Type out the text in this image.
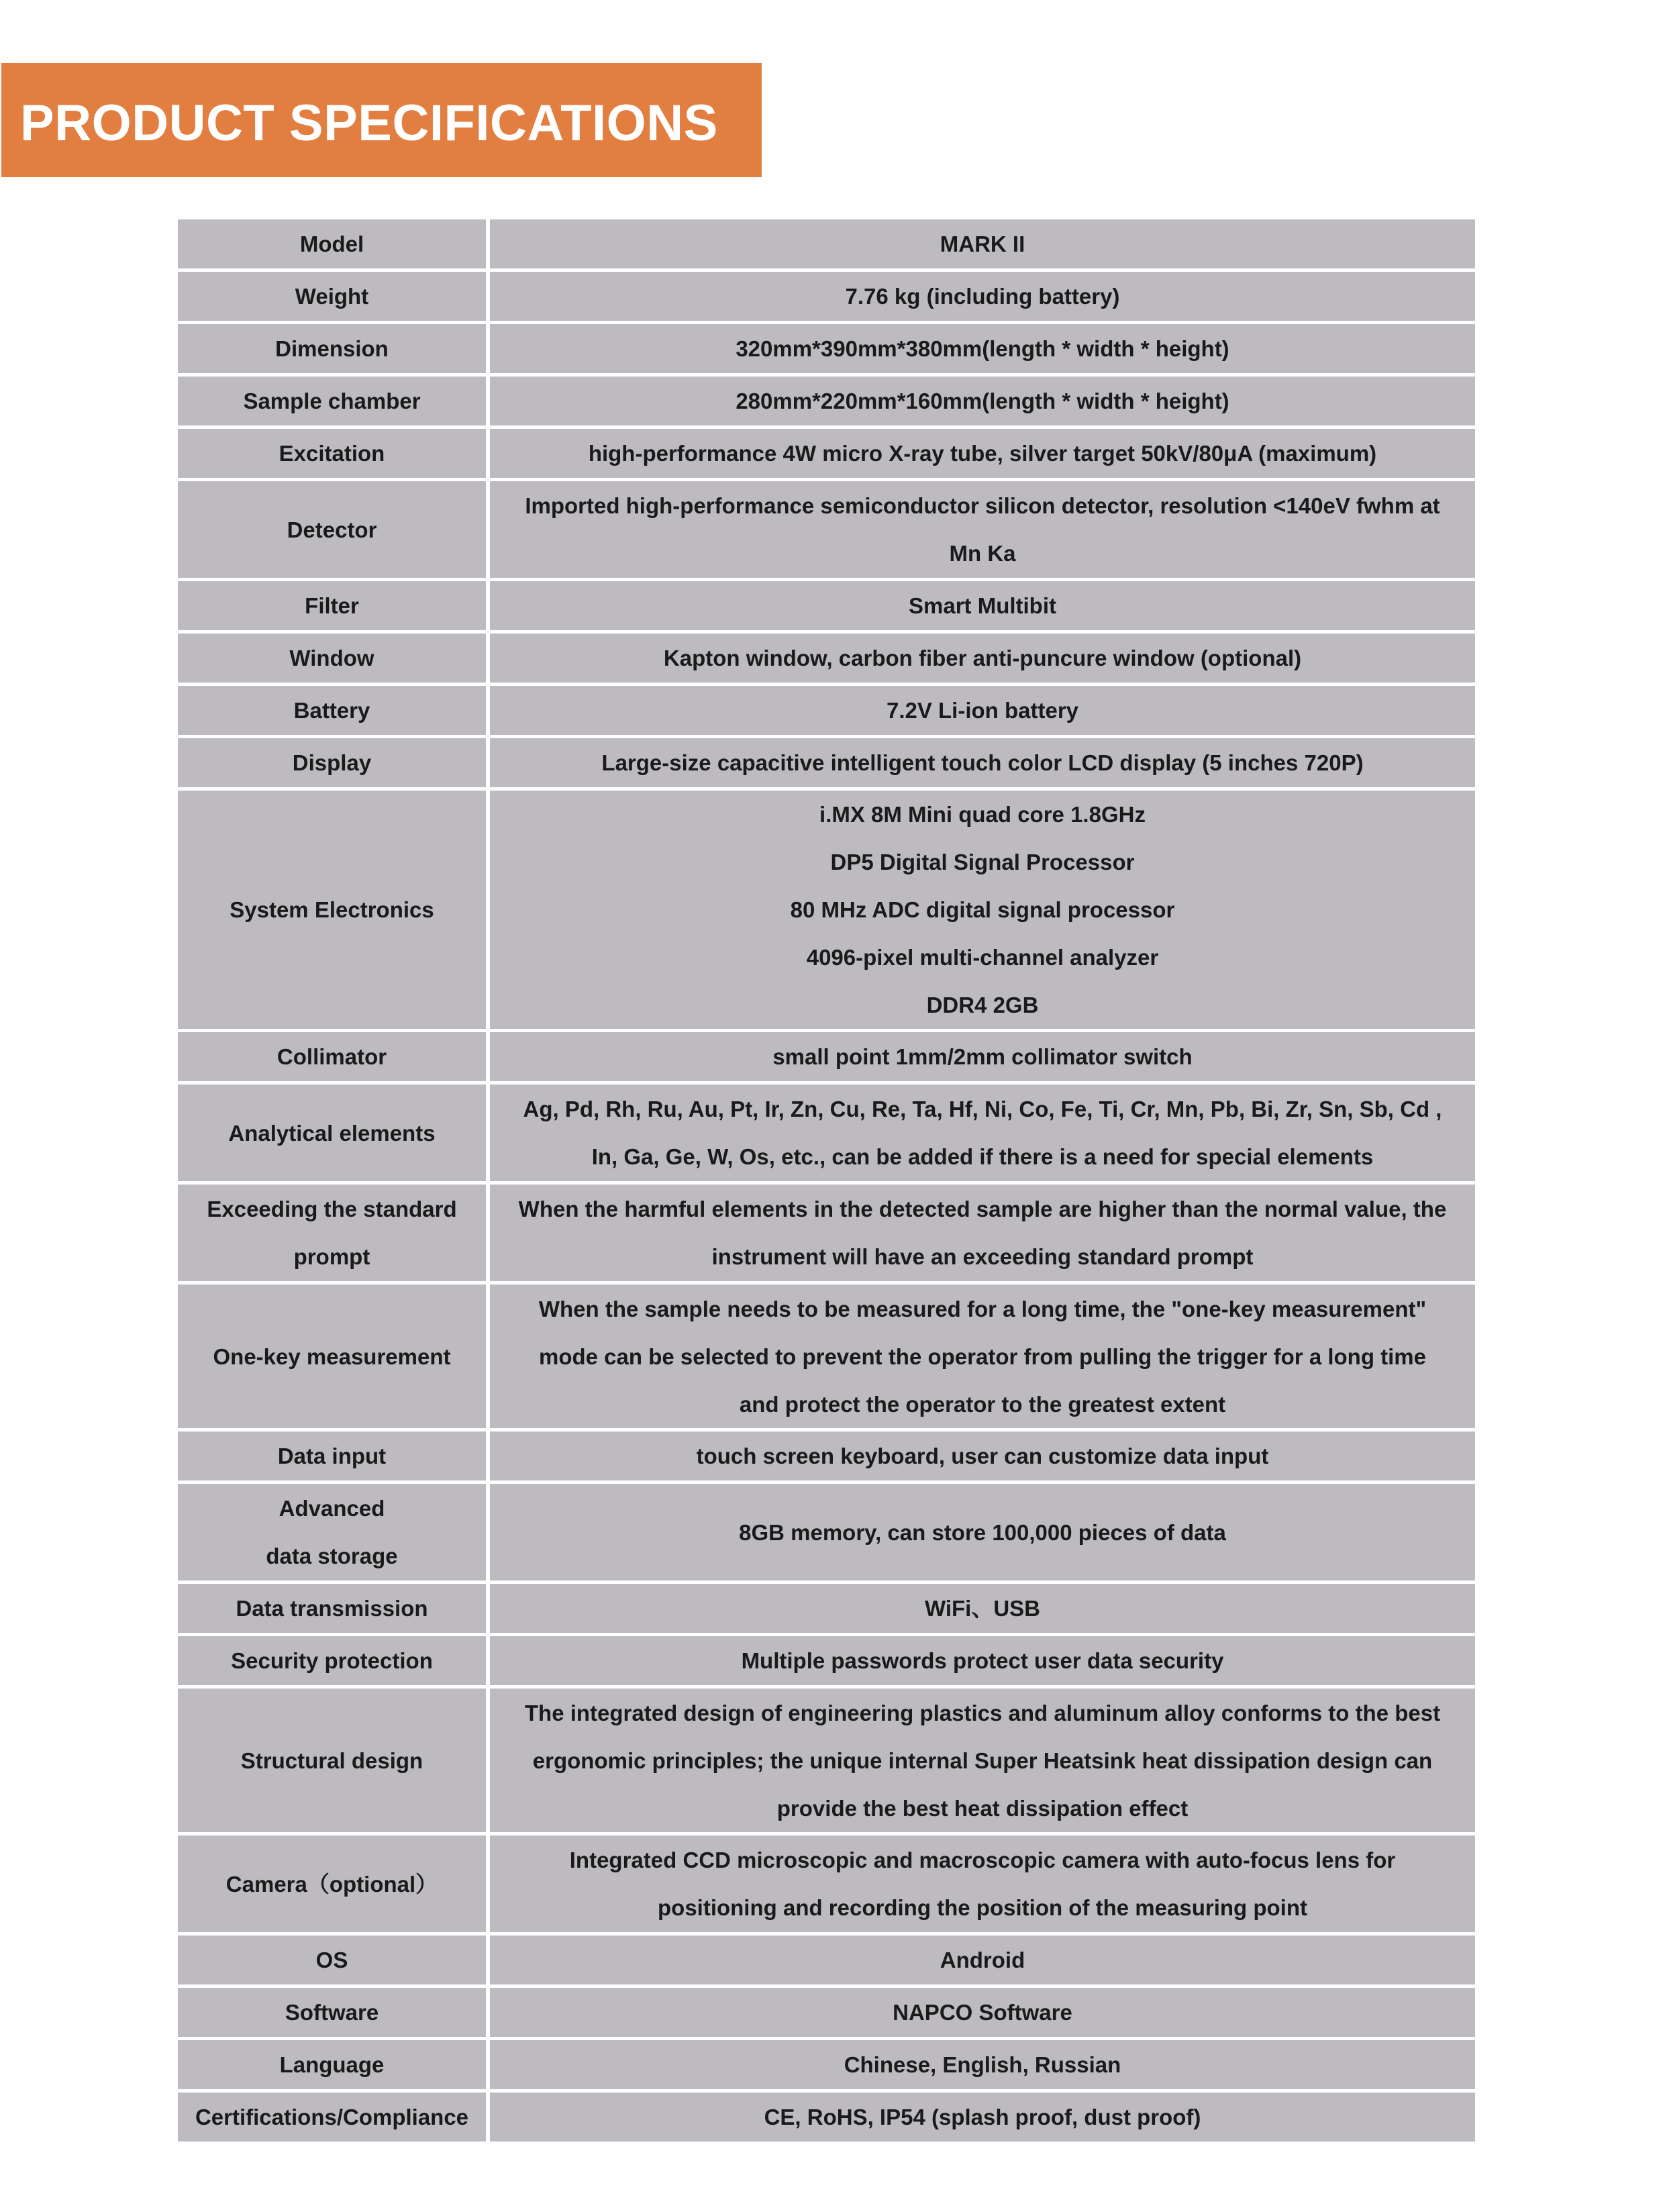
PRODUCT SPECIFICATIONS
Model	MARK II

Weight	7.76 kg (including battery)

Dimension	320mm*390mm*380mm(length * width * height)

Sample chamber	280mm*220mm*160mm(length * width * height)

Excitation	high-performance 4W micro X-ray tube, silver target 50kV/80μA (maximum)

Detector	Imported high-performance semiconductor silicon detector, resolution <140eV fwhm at
Mn Ka

Filter	Smart Multibit

Window	Kapton window, carbon fiber anti-puncure window (optional)

Battery	7.2V Li-ion battery

Display	Large-size capacitive intelligent touch color LCD display (5 inches 720P)

System Electronics	i.MX 8M Mini quad core 1.8GHz
DP5 Digital Signal Processor
80 MHz ADC digital signal processor
4096-pixel multi-channel analyzer
DDR4 2GB

Collimator	small point 1mm/2mm collimator switch

Analytical elements	Ag, Pd, Rh, Ru, Au, Pt, Ir, Zn, Cu, Re, Ta, Hf, Ni, Co, Fe, Ti, Cr, Mn, Pb, Bi, Zr, Sn, Sb, Cd ,
In, Ga, Ge, W, Os, etc., can be added if there is a need for special elements

Exceeding the standard
prompt	When the harmful elements in the detected sample are higher than the normal value, the
instrument will have an exceeding standard prompt

One-key measurement	When the sample needs to be measured for a long time, the "one-key measurement"
mode can be selected to prevent the operator from pulling the trigger for a long time
and protect the operator to the greatest extent

Data input	touch screen keyboard, user can customize data input

Advanced
data storage	8GB memory, can store 100,000 pieces of data

Data transmission	WiFi、USB

Security protection	Multiple passwords protect user data security

Structural design	The integrated design of engineering plastics and aluminum alloy conforms to the best
ergonomic principles; the unique internal Super Heatsink heat dissipation design can
provide the best heat dissipation effect

Camera（optional）	Integrated CCD microscopic and macroscopic camera with auto-focus lens for
positioning and recording the position of the measuring point

OS	Android

Software	NAPCO Software

Language	Chinese, English, Russian

Certifications/Compliance	CE, RoHS, IP54 (splash proof, dust proof)
